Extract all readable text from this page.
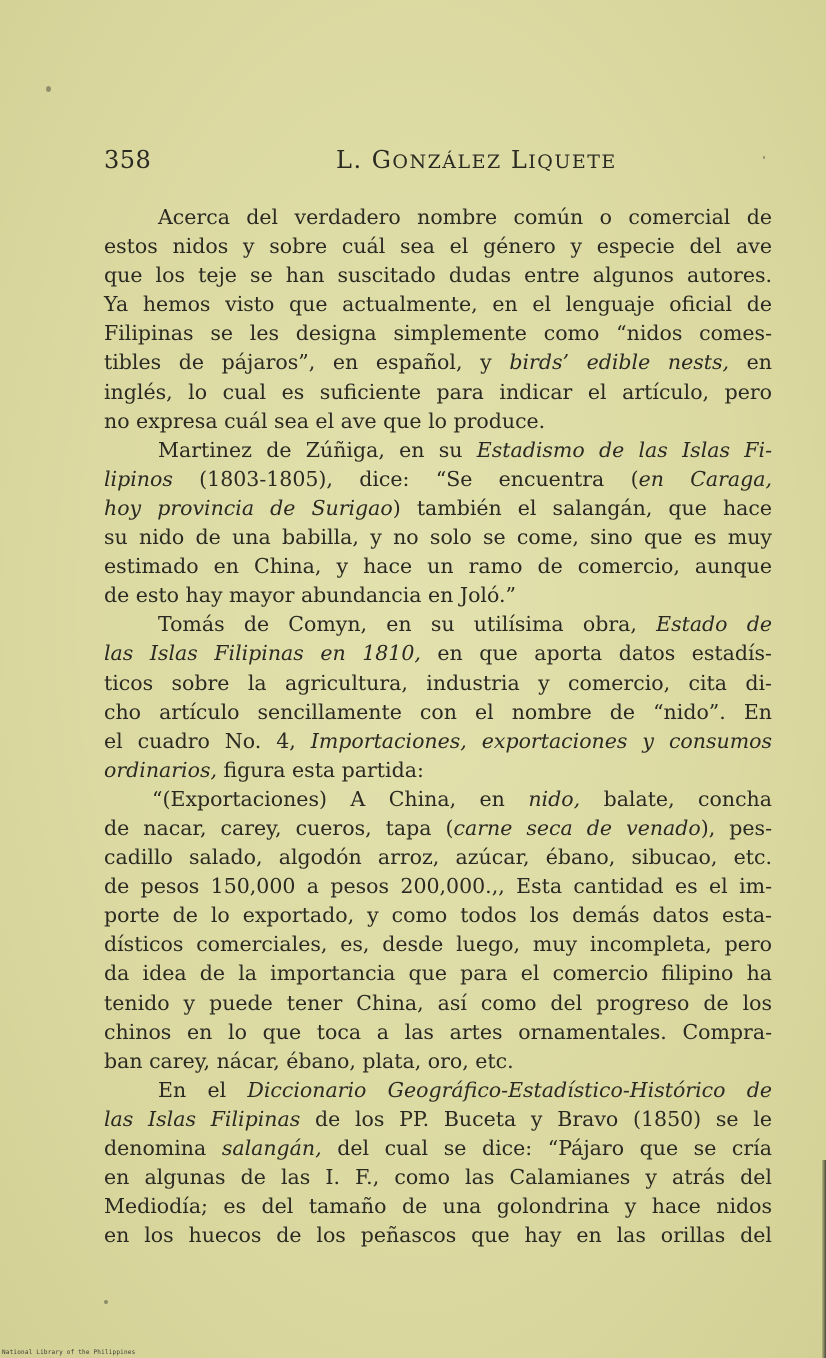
358	L. GONZÁLEZ LIQUETE
Acerca del verdadero nombre común o comercial de
estos nidos y sobre cuál sea el género y especie del ave
que los teje se han suscitado dudas entre algunos autores.
Ya hemos visto que actualmente, en el lenguaje oficial de
Filipinas se les designa simplemente como “nidos comes-
tibles de pájaros”, en español, y birds’ edible nests, en
inglés, lo cual es suficiente para indicar el artículo, pero
no expresa cuál sea el ave que lo produce.
Martinez de Zúñiga, en su Estadismo de las Islas Fi-
lipinos (1803-1805), dice: “Se encuentra (en Caraga,
hoy provincia de Surigao) también el salangán, que hace
su nido de una babilla, y no solo se come, sino que es muy
estimado en China, y hace un ramo de comercio, aunque
de esto hay mayor abundancia en Joló.”
Tomás de Comyn, en su utilísima obra, Estado de
las Islas Filipinas en 1810, en que aporta datos estadís-
ticos sobre la agricultura, industria y comercio, cita di-
cho artículo sencillamente con el nombre de “nido”. En
el cuadro No. 4, Importaciones, exportaciones y consumos
ordinarios, figura esta partida:
“(Exportaciones) A China, en nido, balate, concha
de nacar, carey, cueros, tapa (carne seca de venado), pes-
cadillo salado, algodón arroz, azúcar, ébano, sibucao, etc.
de pesos 150,000 a pesos 200,000.,, Esta cantidad es el im-
porte de lo exportado, y como todos los demás datos esta-
dísticos comerciales, es, desde luego, muy incompleta, pero
da idea de la importancia que para el comercio filipino ha
tenido y puede tener China, así como del progreso de los
chinos en lo que toca a las artes ornamentales. Compra-
ban carey, nácar, ébano, plata, oro, etc.
En el Diccionario Geográfico-Estadístico-Histórico de
las Islas Filipinas de los PP. Buceta y Bravo (1850) se le
denomina salangán, del cual se dice: “Pájaro que se cría
en algunas de las I. F., como las Calamianes y atrás del
Mediodía; es del tamaño de una golondrina y hace nidos
en los huecos de los peñascos que hay en las orillas del
National Library of the Philippines
